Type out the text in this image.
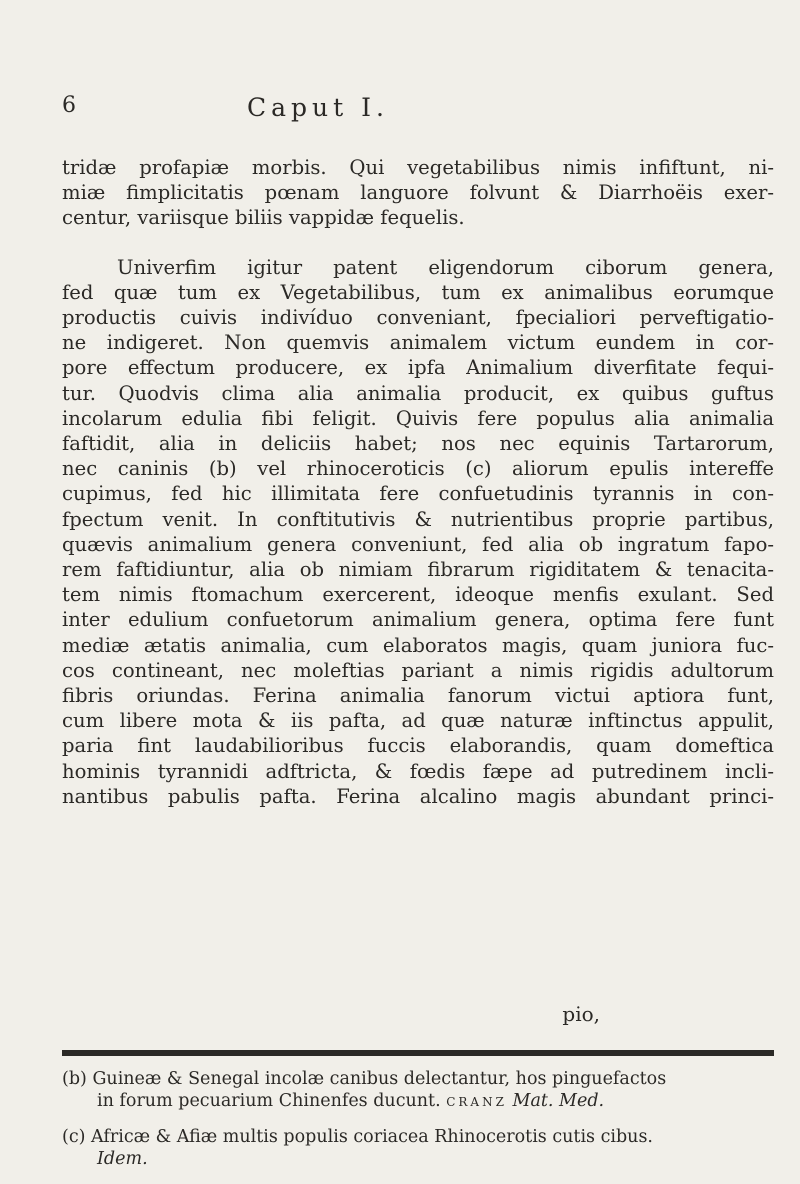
6	Caput I.
tridæ profapiæ morbis. Qui vegetabilibus nimis infiftunt, ni-
miæ fimplicitatis pœnam languore folvunt & Diarrhoëis exer-
centur, variisque biliis vappidæ fequelis.
Univerfim igitur patent eligendorum ciborum genera,
fed quæ tum ex Vegetabilibus, tum ex animalibus eorumque
productis cuivis indivíduo conveniant, fpecialiori perveftigatio-
ne indigeret. Non quemvis animalem victum eundem in cor-
pore effectum producere, ex ipfa Animalium diverfitate fequi-
tur. Quodvis clima alia animalia producit, ex quibus guftus
incolarum edulia fibi feligit. Quivis fere populus alia animalia
faftidit, alia in deliciis habet; nos nec equinis Tartarorum,
nec caninis (b) vel rhinoceroticis (c) aliorum epulis intereffe
cupimus, fed hic illimitata fere confuetudinis tyrannis in con-
fpectum venit. In conftitutivis & nutrientibus proprie partibus,
quævis animalium genera conveniunt, fed alia ob ingratum fapo-
rem faftidiuntur, alia ob nimiam fibrarum rigiditatem & tenacita-
tem nimis ftomachum exercerent, ideoque menfis exulant. Sed
inter edulium confuetorum animalium genera, optima fere funt
mediæ ætatis animalia, cum elaboratos magis, quam juniora fuc-
cos contineant, nec moleftias pariant a nimis rigidis adultorum
fibris oriundas. Ferina animalia fanorum victui aptiora funt,
cum libere mota & iis pafta, ad quæ naturæ inftinctus appulit,
paria fint laudabilioribus fuccis elaborandis, quam domeftica
hominis tyrannidi adftricta, & fœdis fæpe ad putredinem incli-
nantibus pabulis pafta. Ferina alcalino magis abundant princi-
pio,
(b) Guineæ & Senegal incolæ canibus delectantur, hos pinguefactos
in forum pecuarium Chinenfes ducunt. cranz Mat. Med.
(c) Africæ & Afiæ multis populis coriacea Rhinocerotis cutis cibus.
Idem.
